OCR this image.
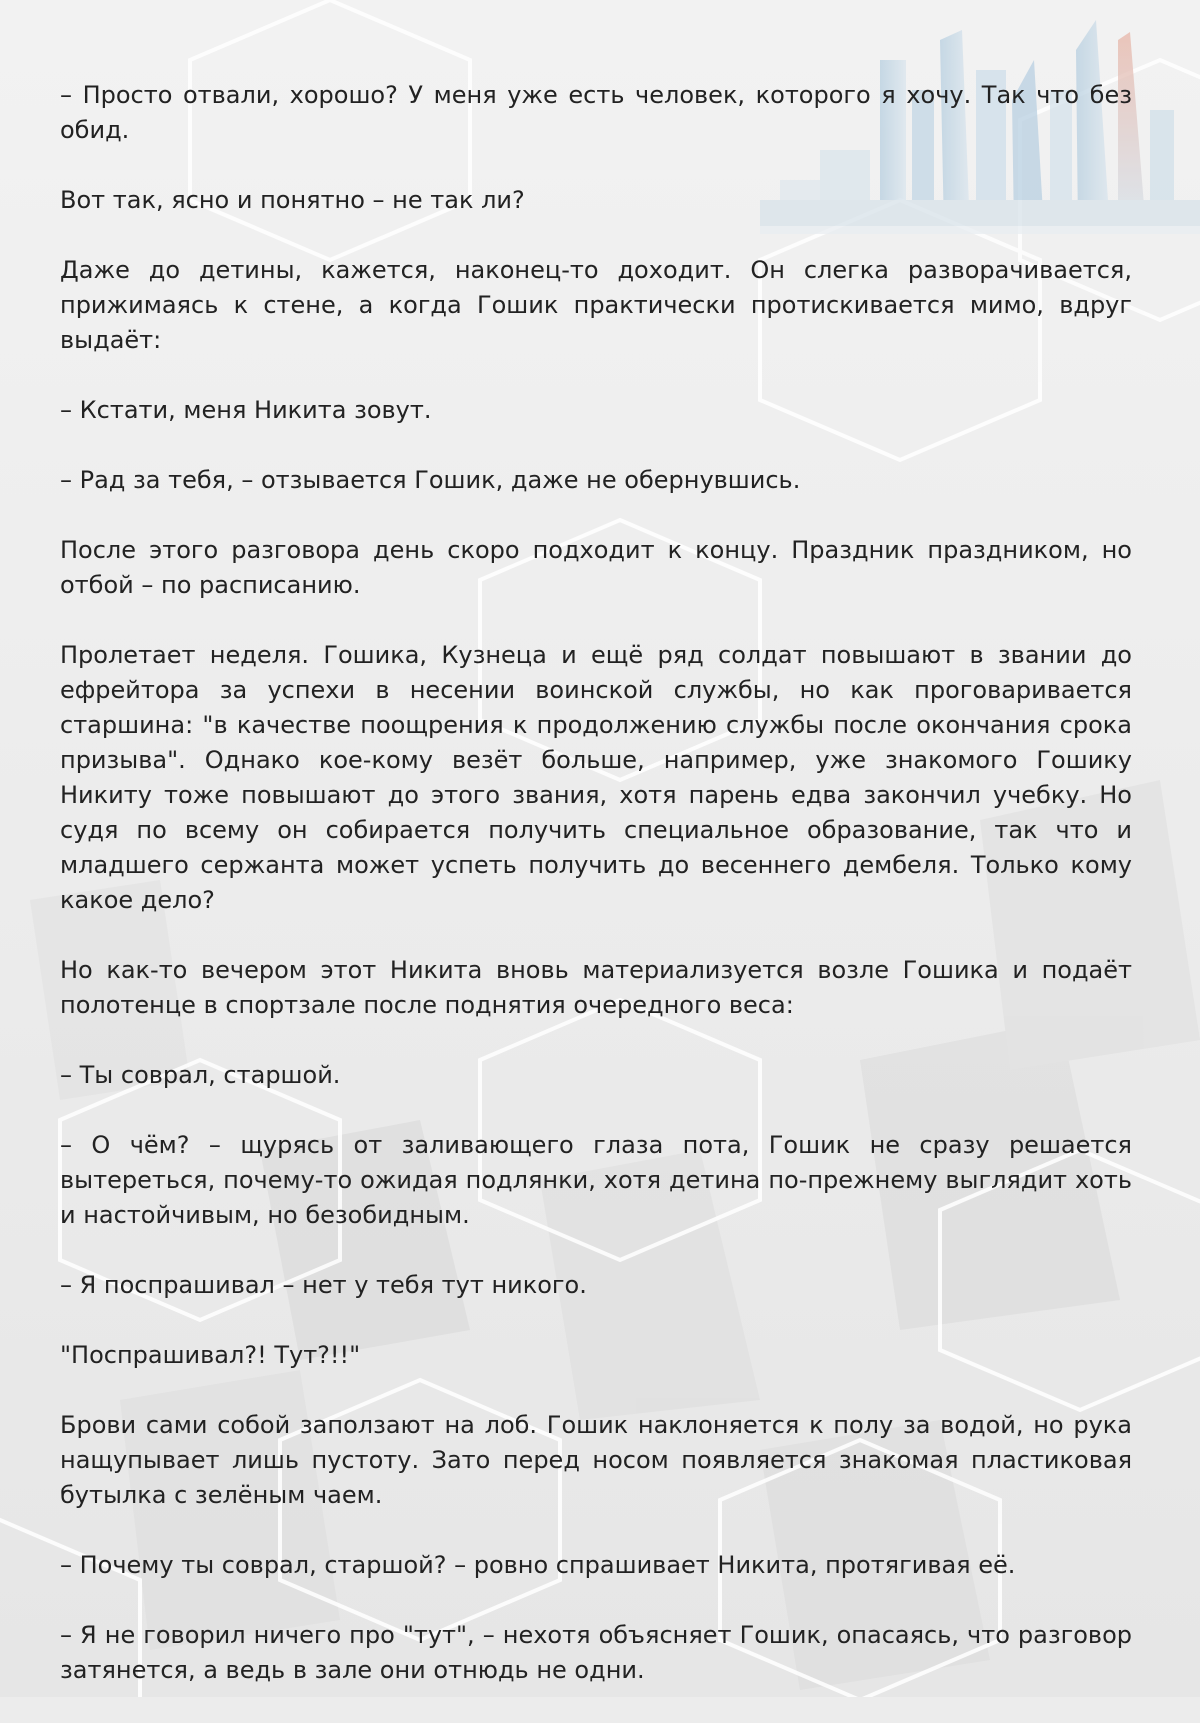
– Просто отвали, хорошо? У меня уже есть человек, которого я хочу. Так что без обид.

Вот так, ясно и понятно – не так ли?

Даже до детины, кажется, наконец-то доходит. Он слегка разворачивается, прижимаясь к стене, а когда Гошик практически протискивается мимо, вдруг выдаёт:

– Кстати, меня Никита зовут.

– Рад за тебя, – отзывается Гошик, даже не обернувшись.

После этого разговора день скоро подходит к концу. Праздник праздником, но отбой – по расписанию.

Пролетает неделя. Гошика, Кузнеца и ещё ряд солдат повышают в звании до ефрейтора за успехи в несении воинской службы, но как проговаривается старшина: "в качестве поощрения к продолжению службы после окончания срока призыва". Однако кое-кому везёт больше, например, уже знакомого Гошику Никиту тоже повышают до этого звания, хотя парень едва закончил учебку. Но судя по всему он собирается получить специальное образование, так что и младшего сержанта может успеть получить до весеннего дембеля. Только кому какое дело?

Но как-то вечером этот Никита вновь материализуется возле Гошика и подаёт полотенце в спортзале после поднятия очередного веса:

– Ты соврал, старшой.

– О чём? – щурясь от заливающего глаза пота, Гошик не сразу решается вытереться, почему-то ожидая подлянки, хотя детина по-прежнему выглядит хоть и настойчивым, но безобидным.

– Я поспрашивал – нет у тебя тут никого.

"Поспрашивал?! Тут?!!"

Брови сами собой заползают на лоб. Гошик наклоняется к полу за водой, но рука нащупывает лишь пустоту. Зато перед носом появляется знакомая пластиковая бутылка с зелёным чаем.

– Почему ты соврал, старшой? – ровно спрашивает Никита, протягивая её.

– Я не говорил ничего про "тут", – нехотя объясняет Гошик, опасаясь, что разговор затянется, а ведь в зале они отнюдь не одни.
